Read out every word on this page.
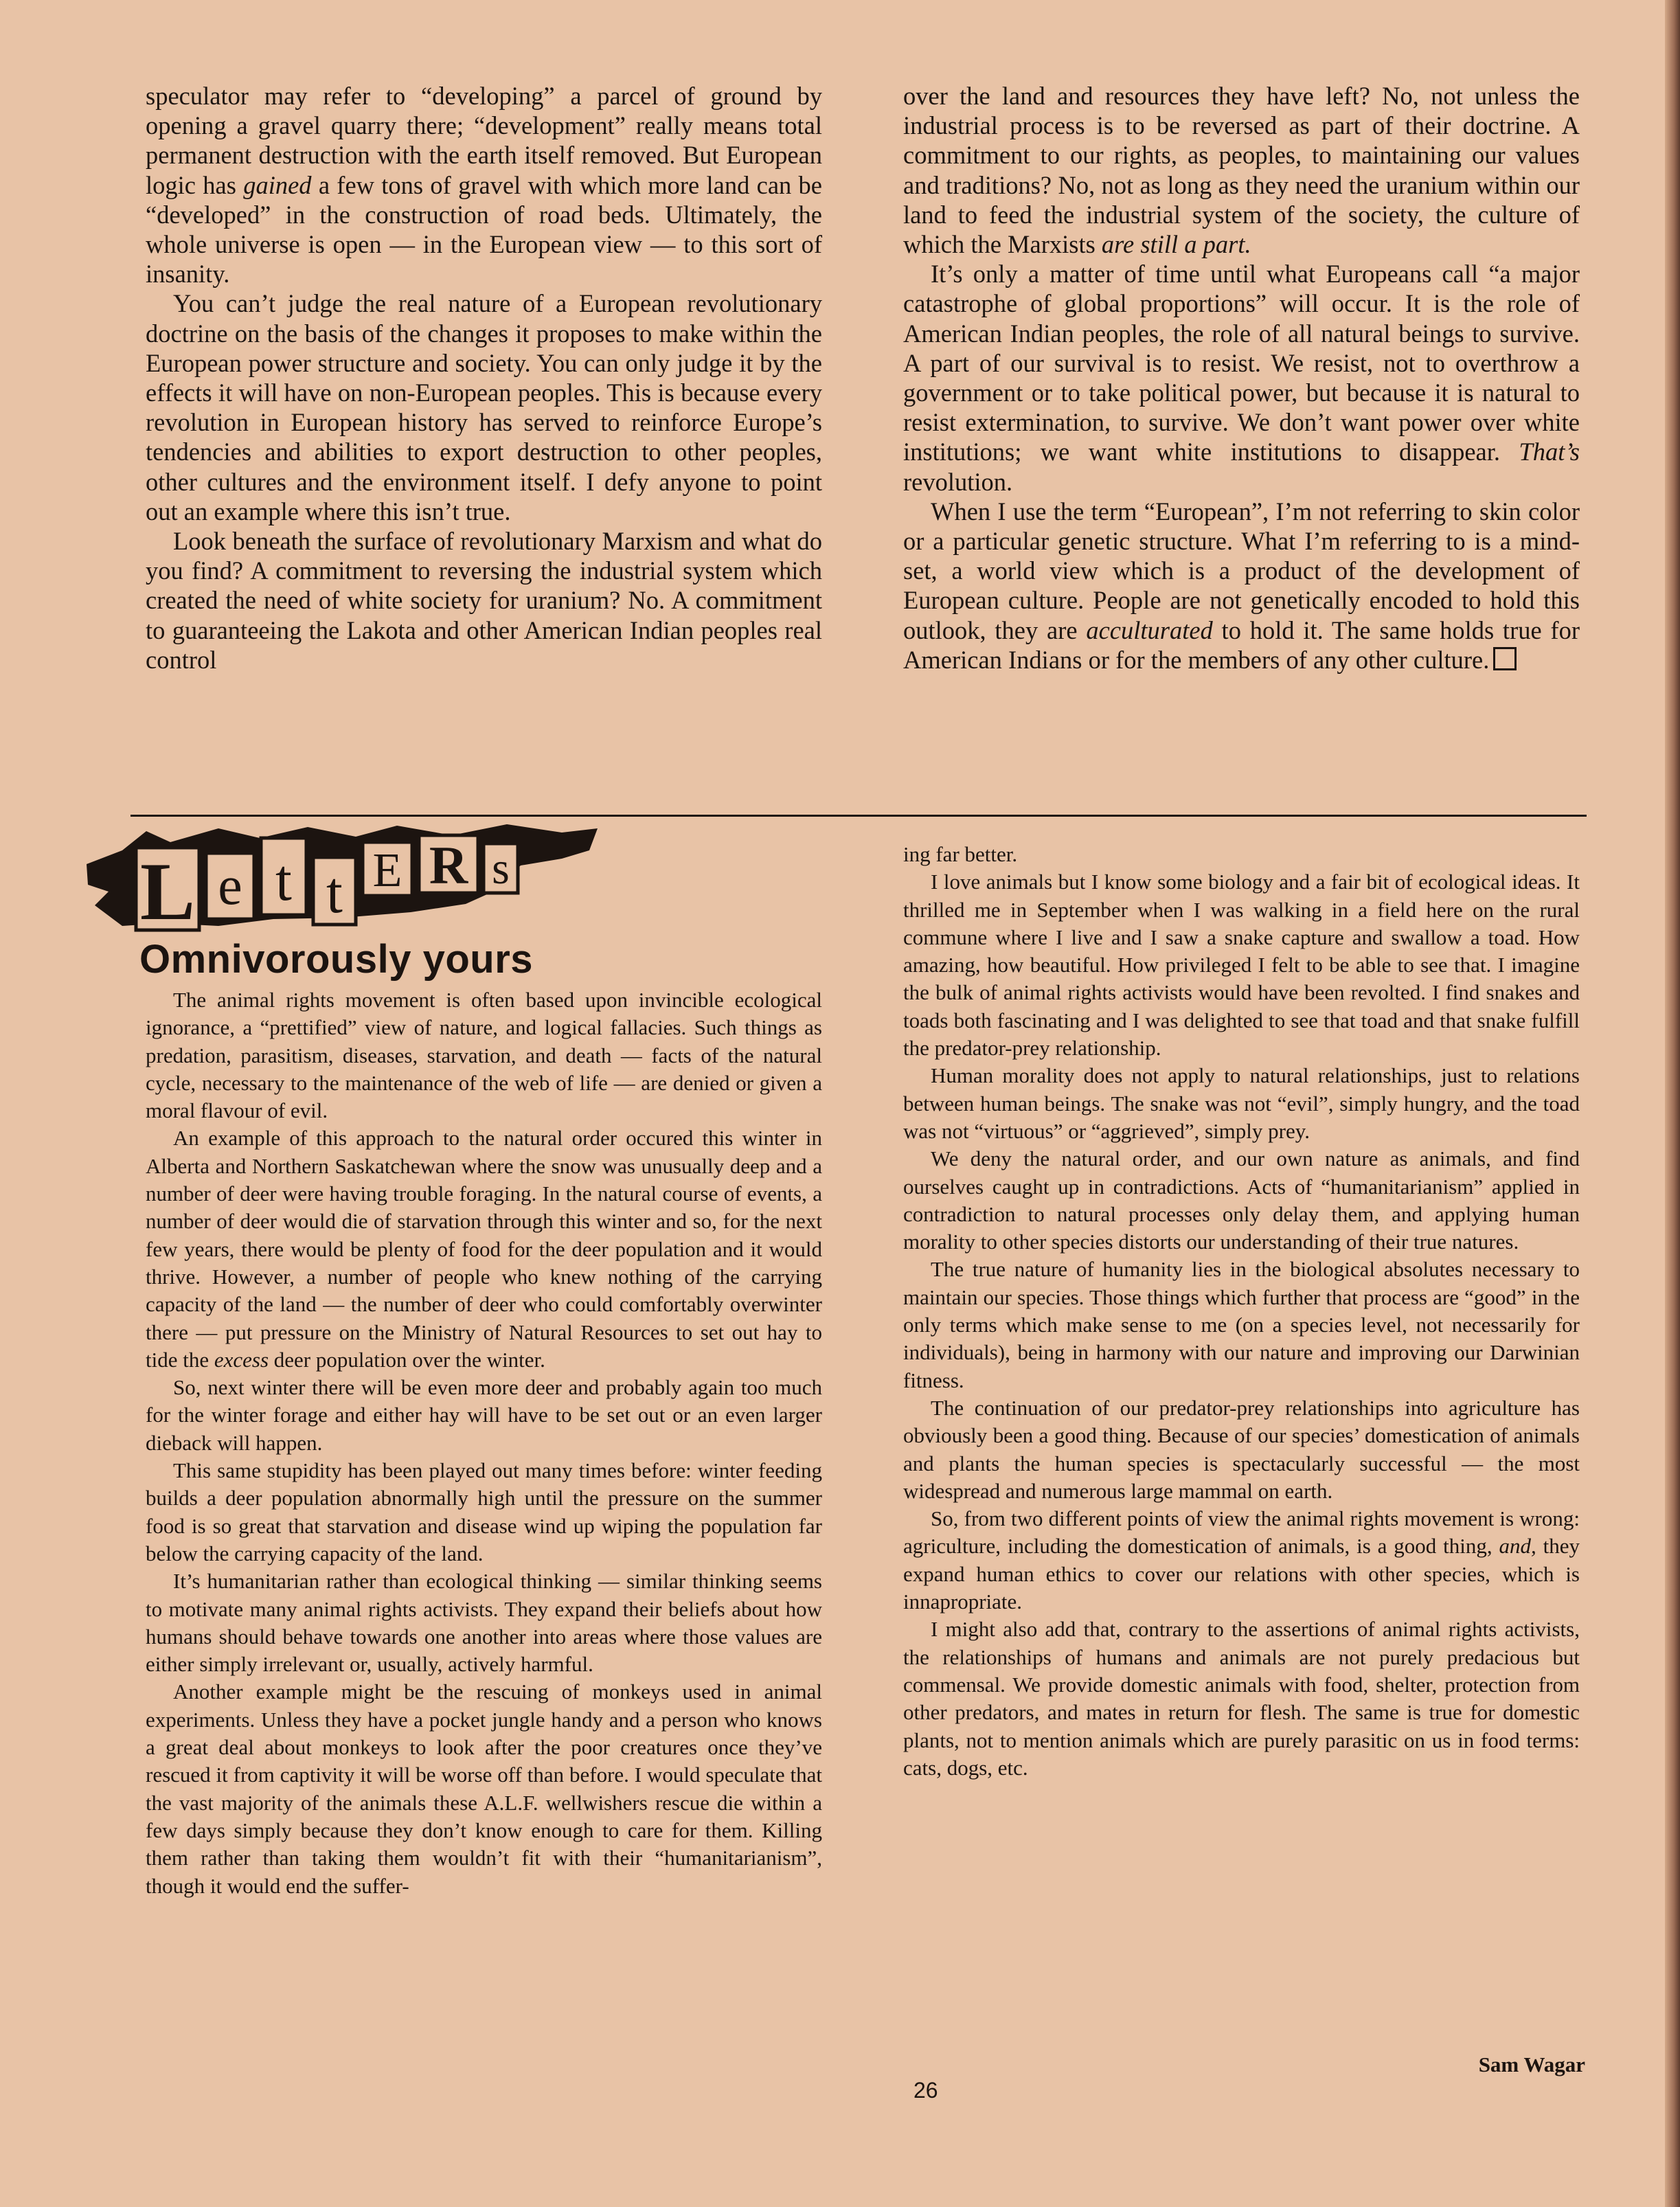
speculator may refer to “developing” a parcel of ground by opening a gravel quarry there; “development” really means total permanent destruction with the earth itself removed. But European logic has gained a few tons of gravel with which more land can be “developed” in the construction of road beds. Ultimately, the whole universe is open — in the European view — to this sort of insanity.

You can’t judge the real nature of a European revolutionary doctrine on the basis of the changes it proposes to make within the European power structure and society. You can only judge it by the effects it will have on non-European peoples. This is because every revolution in European history has served to reinforce Europe’s tendencies and abilities to export destruction to other peoples, other cultures and the environment itself. I defy anyone to point out an example where this isn’t true.

Look beneath the surface of revolutionary Marxism and what do you find? A commitment to reversing the industrial system which created the need of white society for uranium? No. A commitment to guaranteeing the Lakota and other American Indian peoples real control

over the land and resources they have left? No, not unless the industrial process is to be reversed as part of their doctrine. A commitment to our rights, as peoples, to maintaining our values and traditions? No, not as long as they need the uranium within our land to feed the industrial system of the society, the culture of which the Marxists are still a part.

It’s only a matter of time until what Europeans call “a major catastrophe of global proportions” will occur. It is the role of American Indian peoples, the role of all natural beings to survive. A part of our survival is to resist. We resist, not to overthrow a government or to take political power, but because it is natural to resist extermination, to survive. We don’t want power over white institutions; we want white institutions to disappear. That’s revolution.

When I use the term “European”, I’m not referring to skin color or a particular genetic structure. What I’m referring to is a mind-set, a world view which is a product of the development of European culture. People are not genetically encoded to hold this outlook, they are acculturated to hold it. The same holds true for American Indians or for the members of any other culture.

L e t t E R s
Omnivorously yours

The animal rights movement is often based upon invincible ecological ignorance, a “prettified” view of nature, and logical fallacies. Such things as predation, parasitism, diseases, starvation, and death — facts of the natural cycle, necessary to the maintenance of the web of life — are denied or given a moral flavour of evil.

An example of this approach to the natural order occured this winter in Alberta and Northern Saskatchewan where the snow was unusually deep and a number of deer were having trouble foraging. In the natural course of events, a number of deer would die of starvation through this winter and so, for the next few years, there would be plenty of food for the deer population and it would thrive. However, a number of people who knew nothing of the carrying capacity of the land — the number of deer who could comfortably overwinter there — put pressure on the Ministry of Natural Resources to set out hay to tide the excess deer population over the winter.

So, next winter there will be even more deer and probably again too much for the winter forage and either hay will have to be set out or an even larger dieback will happen.

This same stupidity has been played out many times before: winter feeding builds a deer population abnormally high until the pressure on the summer food is so great that starvation and disease wind up wiping the population far below the carrying capacity of the land.

It’s humanitarian rather than ecological thinking — similar thinking seems to motivate many animal rights activists. They expand their beliefs about how humans should behave towards one another into areas where those values are either simply irrelevant or, usually, actively harmful.

Another example might be the rescuing of monkeys used in animal experiments. Unless they have a pocket jungle handy and a person who knows a great deal about monkeys to look after the poor creatures once they’ve rescued it from captivity it will be worse off than before. I would speculate that the vast majority of the animals these A.L.F. wellwishers rescue die within a few days simply because they don’t know enough to care for them. Killing them rather than taking them wouldn’t fit with their “humanitarianism”, though it would end the suffer-

ing far better.

I love animals but I know some biology and a fair bit of ecological ideas. It thrilled me in September when I was walking in a field here on the rural commune where I live and I saw a snake capture and swallow a toad. How amazing, how beautiful. How privileged I felt to be able to see that. I imagine the bulk of animal rights activists would have been revolted. I find snakes and toads both fascinating and I was delighted to see that toad and that snake fulfill the predator-prey relationship.

Human morality does not apply to natural relationships, just to relations between human beings. The snake was not “evil”, simply hungry, and the toad was not “virtuous” or “aggrieved”, simply prey.

We deny the natural order, and our own nature as animals, and find ourselves caught up in contradictions. Acts of “humanitarianism” applied in contradiction to natural processes only delay them, and applying human morality to other species distorts our understanding of their true natures.

The true nature of humanity lies in the biological absolutes necessary to maintain our species. Those things which further that process are “good” in the only terms which make sense to me (on a species level, not necessarily for individuals), being in harmony with our nature and improving our Darwinian fitness.

The continuation of our predator-prey relationships into agriculture has obviously been a good thing. Because of our species’ domestication of animals and plants the human species is spectacularly successful — the most widespread and numerous large mammal on earth.

So, from two different points of view the animal rights movement is wrong: agriculture, including the domestication of animals, is a good thing, and, they expand human ethics to cover our relations with other species, which is innapropriate.

I might also add that, contrary to the assertions of animal rights activists, the relationships of humans and animals are not purely predacious but commensal. We provide domestic animals with food, shelter, protection from other predators, and mates in return for flesh. The same is true for domestic plants, not to mention animals which are purely parasitic on us in food terms: cats, dogs, etc.

Sam Wagar
26
